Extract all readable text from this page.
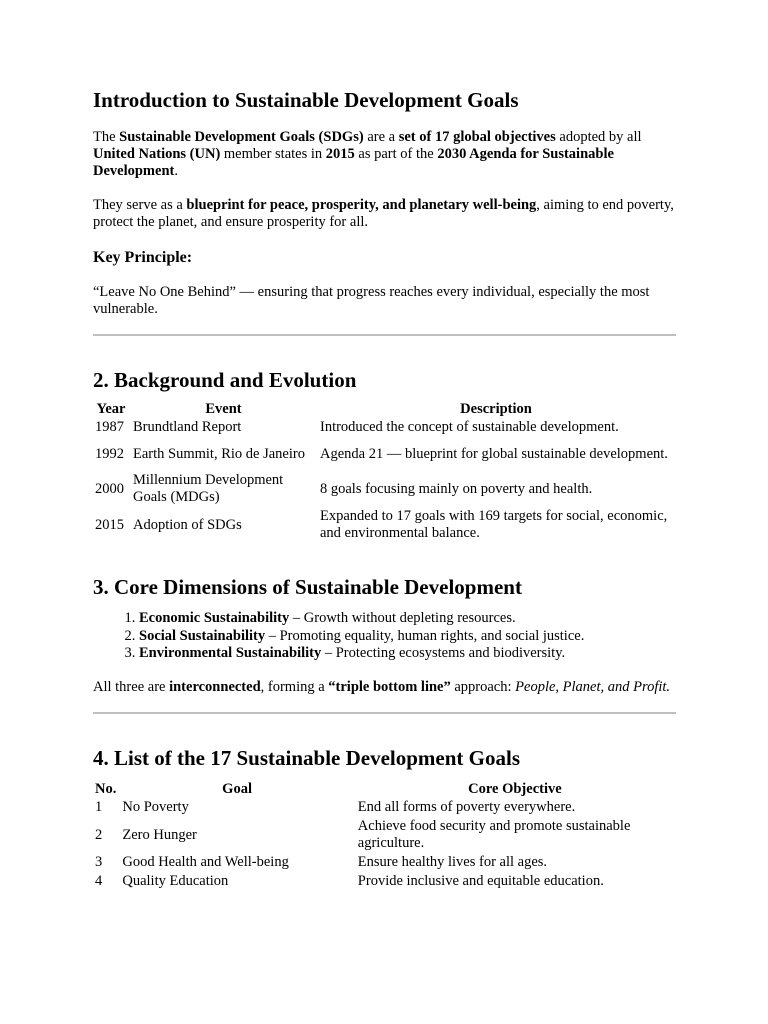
Introduction to Sustainable Development Goals

The Sustainable Development Goals (SDGs) are a set of 17 global objectives adopted by all United Nations (UN) member states in 2015 as part of the 2030 Agenda for Sustainable Development.

They serve as a blueprint for peace, prosperity, and planetary well-being, aiming to end poverty, protect the planet, and ensure prosperity for all.

Key Principle:

“Leave No One Behind” — ensuring that progress reaches every individual, especially the most vulnerable.

2. Background and Evolution
Year	Event	Description
1987	Brundtland Report	Introduced the concept of sustainable development.
1992	Earth Summit, Rio de Janeiro	Agenda 21 — blueprint for global sustainable development.
2000	Millennium Development Goals (MDGs)	8 goals focusing mainly on poverty and health.
2015	Adoption of SDGs	Expanded to 17 goals with 169 targets for social, economic, and environmental balance.
3. Core Dimensions of Sustainable Development
1. Economic Sustainability – Growth without depleting resources.
2. Social Sustainability – Promoting equality, human rights, and social justice.
3. Environmental Sustainability – Protecting ecosystems and biodiversity.

All three are interconnected, forming a “triple bottom line” approach: People, Planet, and Profit.

4. List of the 17 Sustainable Development Goals
No.	Goal	Core Objective
1	No Poverty	End all forms of poverty everywhere.
2	Zero Hunger	Achieve food security and promote sustainable agriculture.
3	Good Health and Well-being	Ensure healthy lives for all ages.
4	Quality Education	Provide inclusive and equitable education.
